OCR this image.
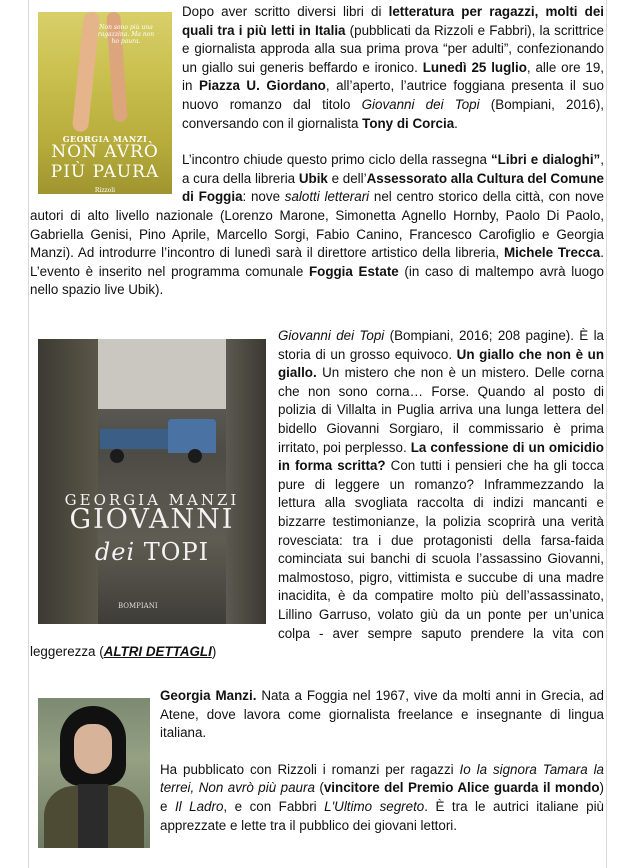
Non sono più una ragazzina. Ma non ho paura.
GEORGIA MANZI
NON AVRÒ PIÙ PAURA
Rizzoli

Dopo aver scritto diversi libri di letteratura per ragazzi, molti dei quali tra i più letti in Italia (pubblicati da Rizzoli e Fabbri), la scrittrice e giornalista approda alla sua prima prova “per adulti”, confezionando un giallo sui generis beffardo e ironico. Lunedì 25 luglio, alle ore 19, in Piazza U. Giordano, all’aperto, l’autrice foggiana presenta il suo nuovo romanzo dal titolo Giovanni dei Topi (Bompiani, 2016), conversando con il giornalista Tony di Corcia.

L’incontro chiude questo primo ciclo della rassegna “Libri e dialoghi”, a cura della libreria Ubik e dell’Assessorato alla Cultura del Comune di Foggia: nove salotti letterari nel centro storico della città, con nove autori di alto livello nazionale (Lorenzo Marone, Simonetta Agnello Hornby, Paolo Di Paolo, Gabriella Genisi, Pino Aprile, Marcello Sorgi, Fabio Canino, Francesco Carofiglio e Georgia Manzi). Ad introdurre l’incontro di lunedì sarà il direttore artistico della libreria, Michele Trecca. L’evento è inserito nel programma comunale Foggia Estate (in caso di maltempo avrà luogo nello spazio live Ubik).

GEORGIA MANZI
GIOVANNI
dei TOPI
BOMPIANI

Giovanni dei Topi (Bompiani, 2016; 208 pagine). È la storia di un grosso equivoco. Un giallo che non è un giallo. Un mistero che non è un mistero. Delle corna che non sono corna… Forse. Quando al posto di polizia di Villalta in Puglia arriva una lunga lettera del bidello Giovanni Sorgiaro, il commissario è prima irritato, poi perplesso. La confessione di un omicidio in forma scritta? Con tutti i pensieri che ha gli tocca pure di leggere un romanzo? Inframmezzando la lettura alla svogliata raccolta di indizi mancanti e bizzarre testimonianze, la polizia scoprirà una verità rovesciata: tra i due protagonisti della farsa-faida cominciata sui banchi di scuola l’assassino Giovanni, malmostoso, pigro, vittimista e succube di una madre inacidita, è da compatire molto più dell’assassinato, Lillino Garruso, volato giù da un ponte per un’unica colpa - aver sempre saputo prendere la vita con leggerezza (ALTRI DETTAGLI)

Georgia Manzi. Nata a Foggia nel 1967, vive da molti anni in Grecia, ad Atene, dove lavora come giornalista freelance e insegnante di lingua italiana.

Ha pubblicato con Rizzoli i romanzi per ragazzi Io la signora Tamara la terrei, Non avrò più paura (vincitore del Premio Alice guarda il mondo) e Il Ladro, e con Fabbri L'Ultimo segreto. È tra le autrici italiane più apprezzate e lette tra il pubblico dei giovani lettori.
